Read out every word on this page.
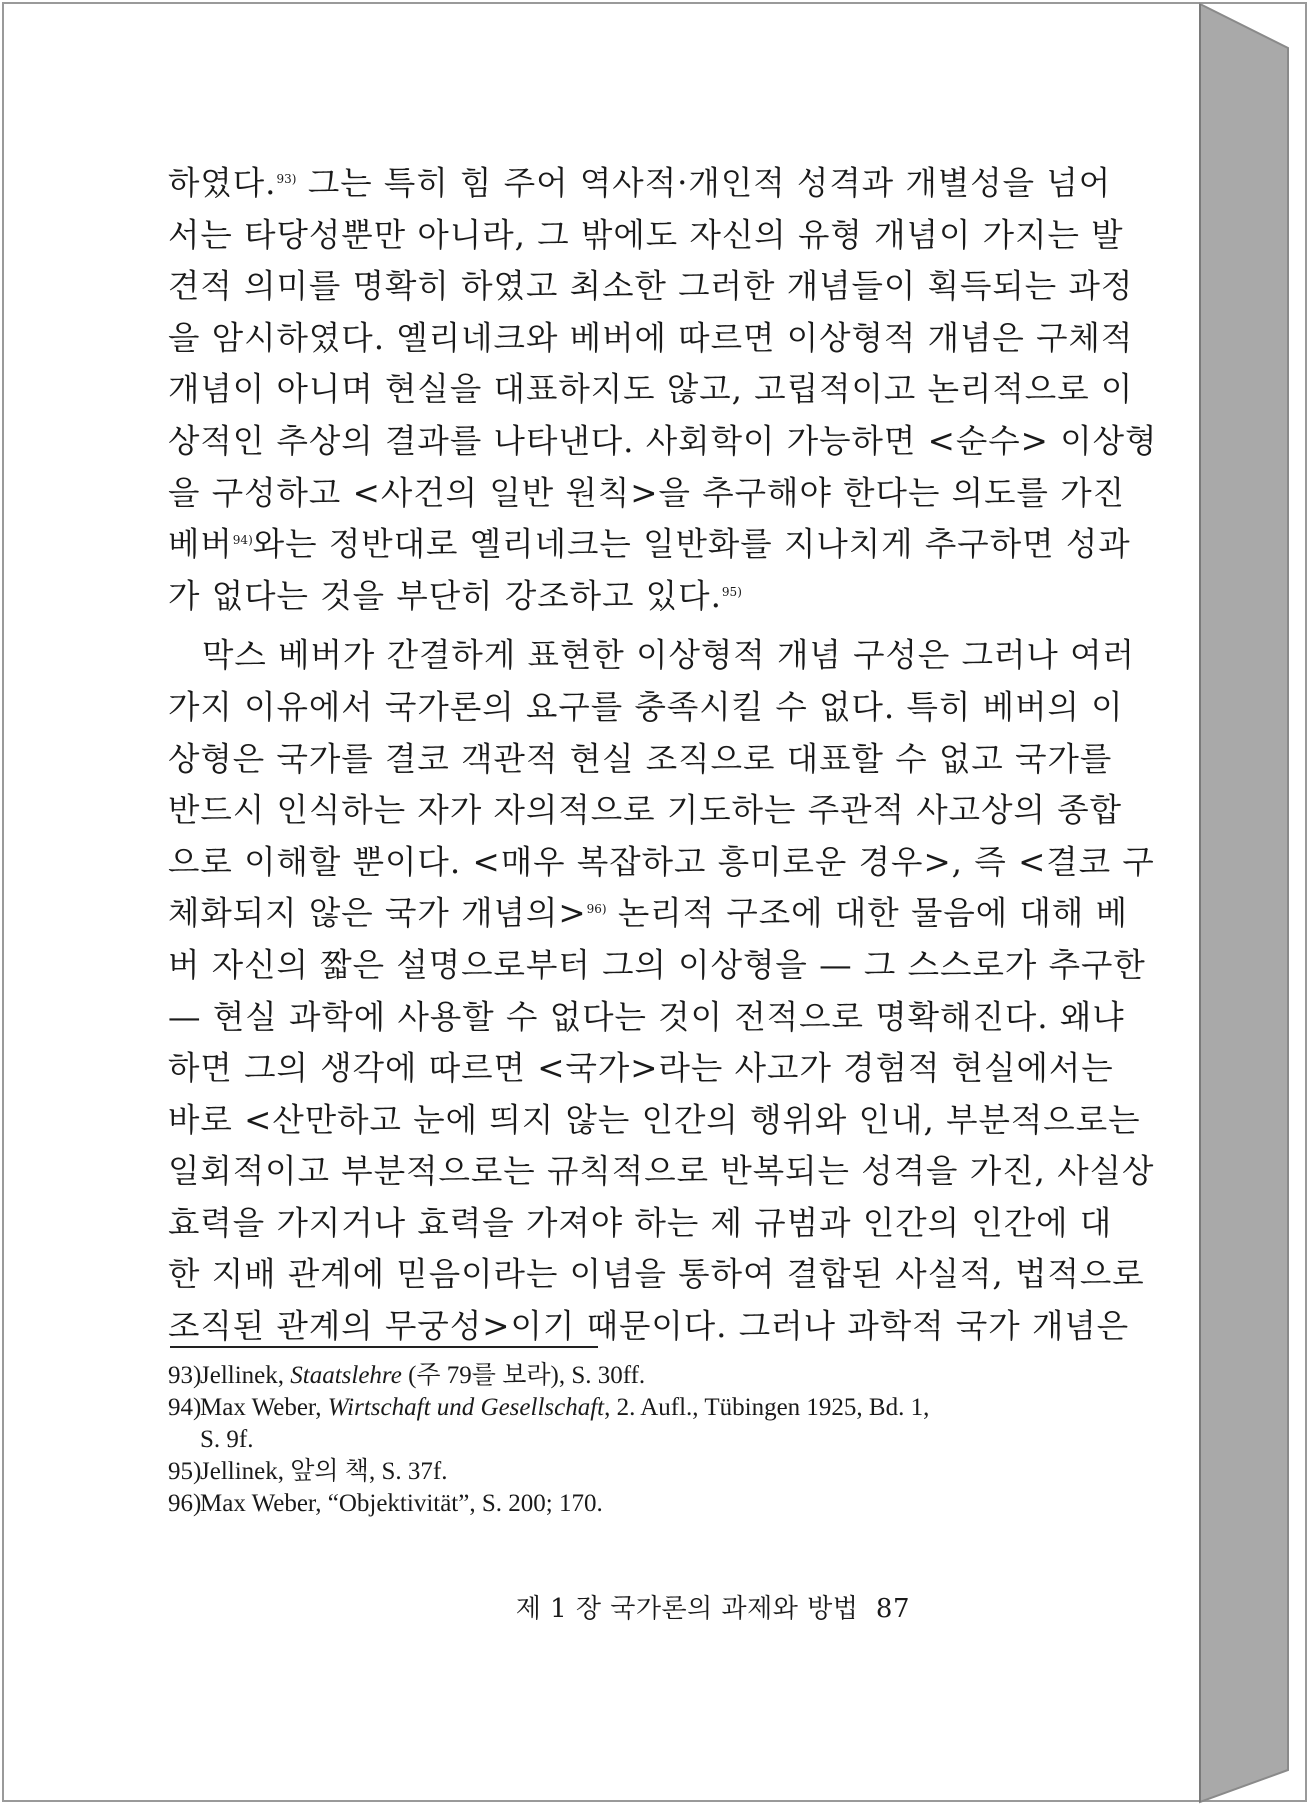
하였다.$^{93)}$ 그는 특히 힘 주어 역사적·개인적 성격과 개별성을 넘어
서는 타당성뿐만 아니라, 그 밖에도 자신의 유형 개념이 가지는 발
견적 의미를 명확히 하였고 최소한 그러한 개념들이 획득되는 과정
을 암시하였다. 옐리네크와 베버에 따르면 이상형적 개념은 구체적
개념이 아니며 현실을 대표하지도 않고, 고립적이고 논리적으로 이
상적인 추상의 결과를 나타낸다. 사회학이 가능하면 <순수> 이상형
을 구성하고 <사건의 일반 원칙>을 추구해야 한다는 의도를 가진
베버$^{94)}$와는 정반대로 옐리네크는 일반화를 지나치게 추구하면 성과
가 없다는 것을 부단히 강조하고 있다.$^{95)}$
막스 베버가 간결하게 표현한 이상형적 개념 구성은 그러나 여러
가지 이유에서 국가론의 요구를 충족시킬 수 없다. 특히 베버의 이
상형은 국가를 결코 객관적 현실 조직으로 대표할 수 없고 국가를
반드시 인식하는 자가 자의적으로 기도하는 주관적 사고상의 종합
으로 이해할 뿐이다. <매우 복잡하고 흥미로운 경우>, 즉 <결코 구
체화되지 않은 국가 개념의>$^{96)}$ 논리적 구조에 대한 물음에 대해 베
버 자신의 짧은 설명으로부터 그의 이상형을 — 그 스스로가 추구한
— 현실 과학에 사용할 수 없다는 것이 전적으로 명확해진다. 왜냐
하면 그의 생각에 따르면 <국가>라는 사고가 경험적 현실에서는
바로 <산만하고 눈에 띄지 않는 인간의 행위와 인내, 부분적으로는
일회적이고 부분적으로는 규칙적으로 반복되는 성격을 가진, 사실상
효력을 가지거나 효력을 가져야 하는 제 규범과 인간의 인간에 대
한 지배 관계에 믿음이라는 이념을 통하여 결합된 사실적, 법적으로
조직된 관계의 무궁성>이기 때문이다. 그러나 과학적 국가 개념은
93)Jellinek, Staatslehre (주 79를 보라), S. 30ff.
94)Max Weber, Wirtschaft und Gesellschaft, 2. Aufl., Tübingen 1925, Bd. 1,
S. 9f.
95)Jellinek, 앞의 책, S. 37f.
96)Max Weber, “Objektivität”, S. 200; 170.
제 1 장 국가론의 과제와 방법 87
